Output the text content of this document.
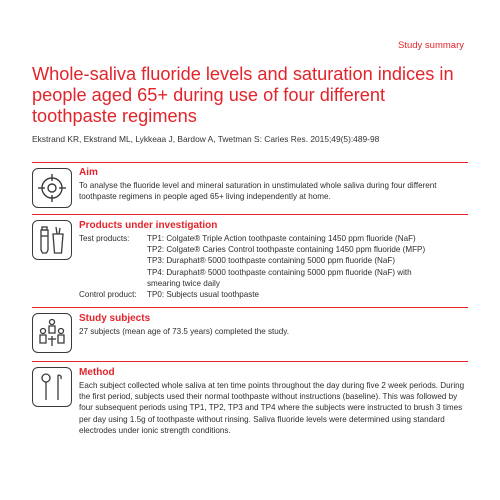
Study summary
Whole-saliva fluoride levels and saturation indices in people aged 65+ during use of four different toothpaste regimens
Ekstrand KR, Ekstrand ML, Lykkeaa J, Bardow A, Twetman S: Caries Res. 2015;49(5):489-98
Aim

To analyse the fluoride level and mineral saturation in unstimulated whole saliva during four different toothpaste regimens in people aged 65+ living independently at home.

Products under investigation
Test products:	TP1: Colgate® Triple Action toothpaste containing 1450 ppm fluoride (NaF)
TP2: Colgate® Caries Control toothpaste containing 1450 ppm fluoride (MFP)
TP3: Duraphat® 5000 toothpaste containing 5000 ppm fluoride (NaF)
TP4: Duraphat® 5000 toothpaste containing 5000 ppm fluoride (NaF) with smearing twice daily

Control product:	TP0: Subjects usual toothpaste
Study subjects

27 subjects (mean age of 73.5 years) completed the study.

Method

Each subject collected whole saliva at ten time points throughout the day during five 2 week periods. During the first period, subjects used their normal toothpaste without instructions (baseline). This was followed by four subsequent periods using TP1, TP2, TP3 and TP4 where the subjects were instructed to brush 3 times per day using 1.5g of toothpaste without rinsing. Saliva fluoride levels were determined using standard electrodes under ionic strength conditions.
